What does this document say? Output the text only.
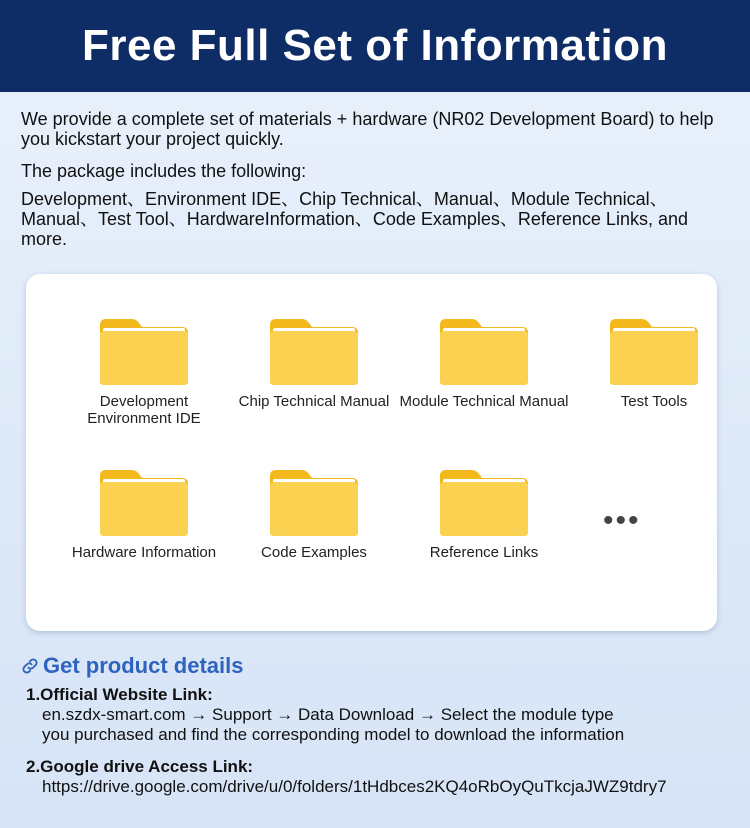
Free Full Set of Information

We provide a complete set of materials + hardware (NR02 Development Board) to help you kickstart your project quickly.

The package includes the following:

Development、Environment IDE、Chip Technical、Manual、Module Technical、Manual、Test Tool、HardwareInformation、Code Examples、Reference Links, and more.

Development Environment IDE
Chip Technical Manual Module Technical Manual	Test Tools
Hardware Information	Code Examples	Reference Links
•••
Get product details
1.Official Website Link:
en.szdx-smart.com → Support → Data Download → Select the module type
you purchased and find the corresponding model to download the information
2.Google drive Access Link:
https://drive.google.com/drive/u/0/folders/1tHdbces2KQ4oRbOyQuTkcjaJWZ9tdry7
